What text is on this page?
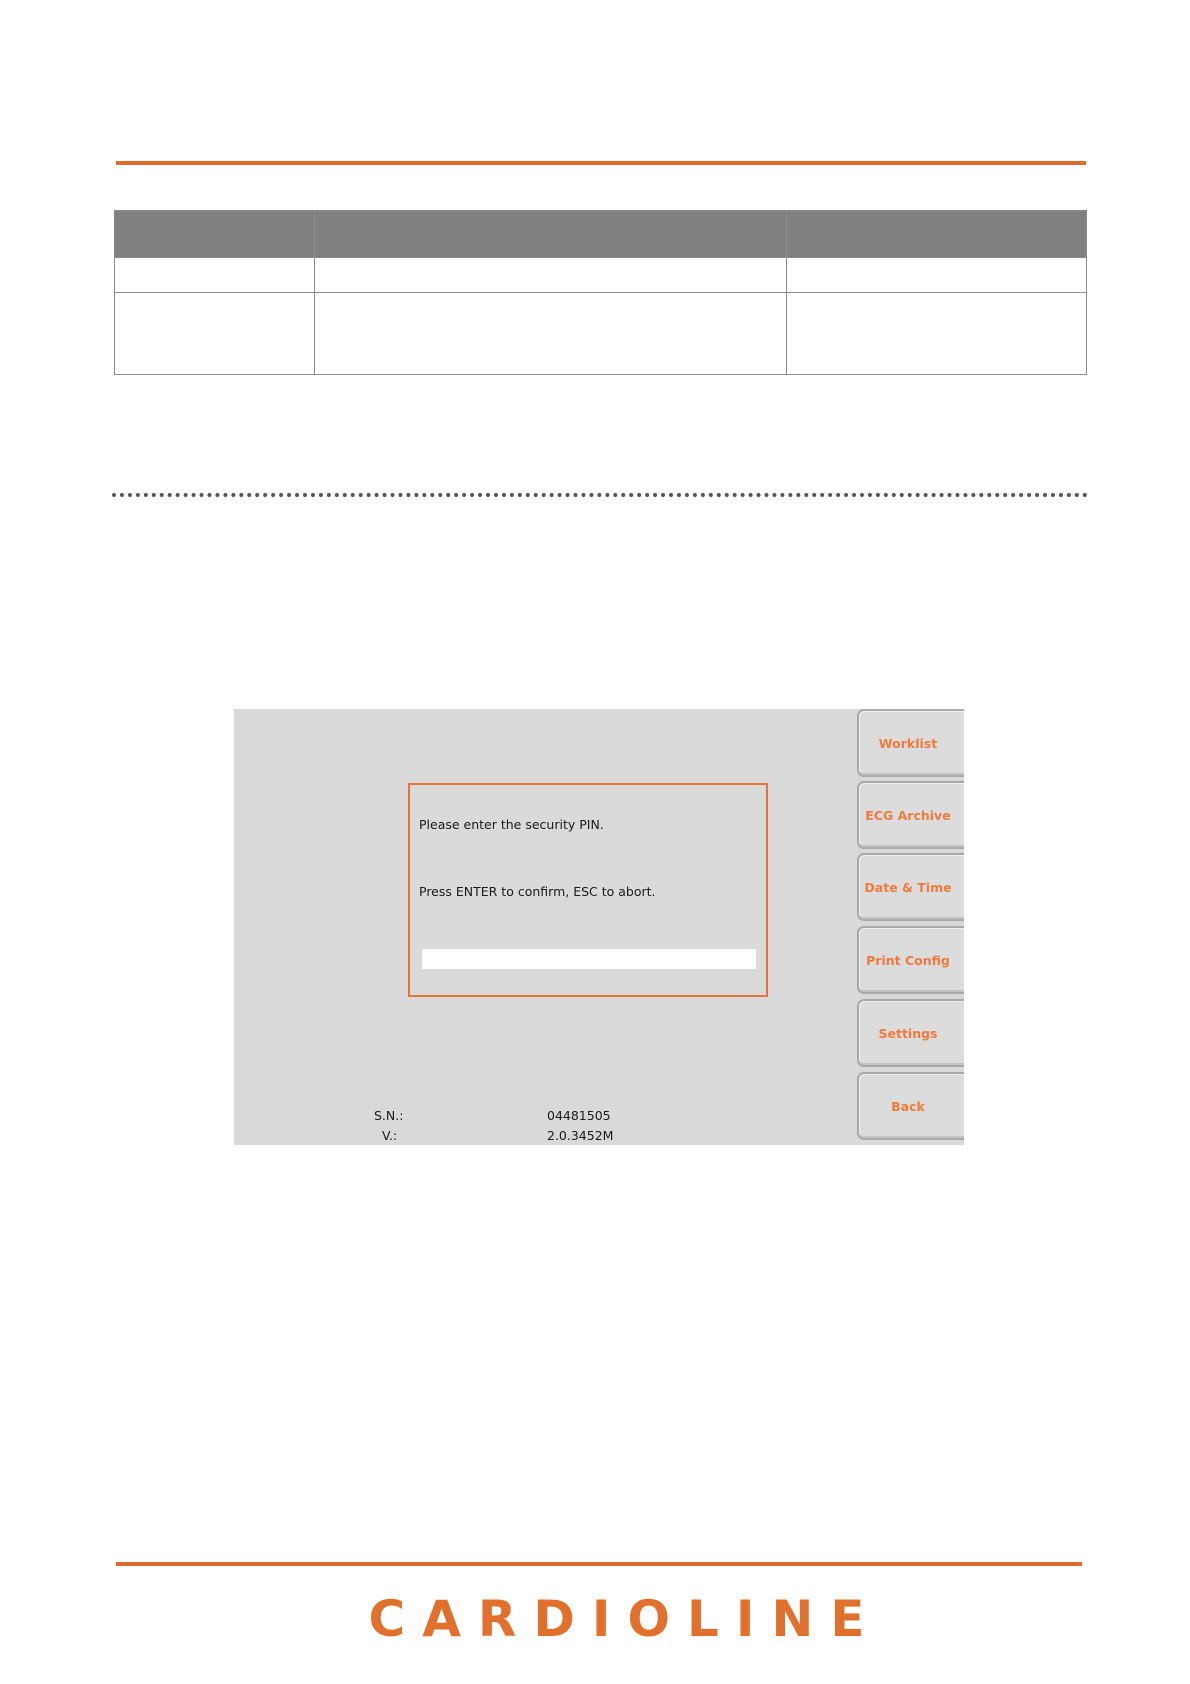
Please enter the security PIN.
Press ENTER to confirm, ESC to abort.
S.N.:	04481505
V.:	2.0.3452M
Worklist
ECG Archive
Date & Time
Print Config
Settings
Back
CARDIOLINE
